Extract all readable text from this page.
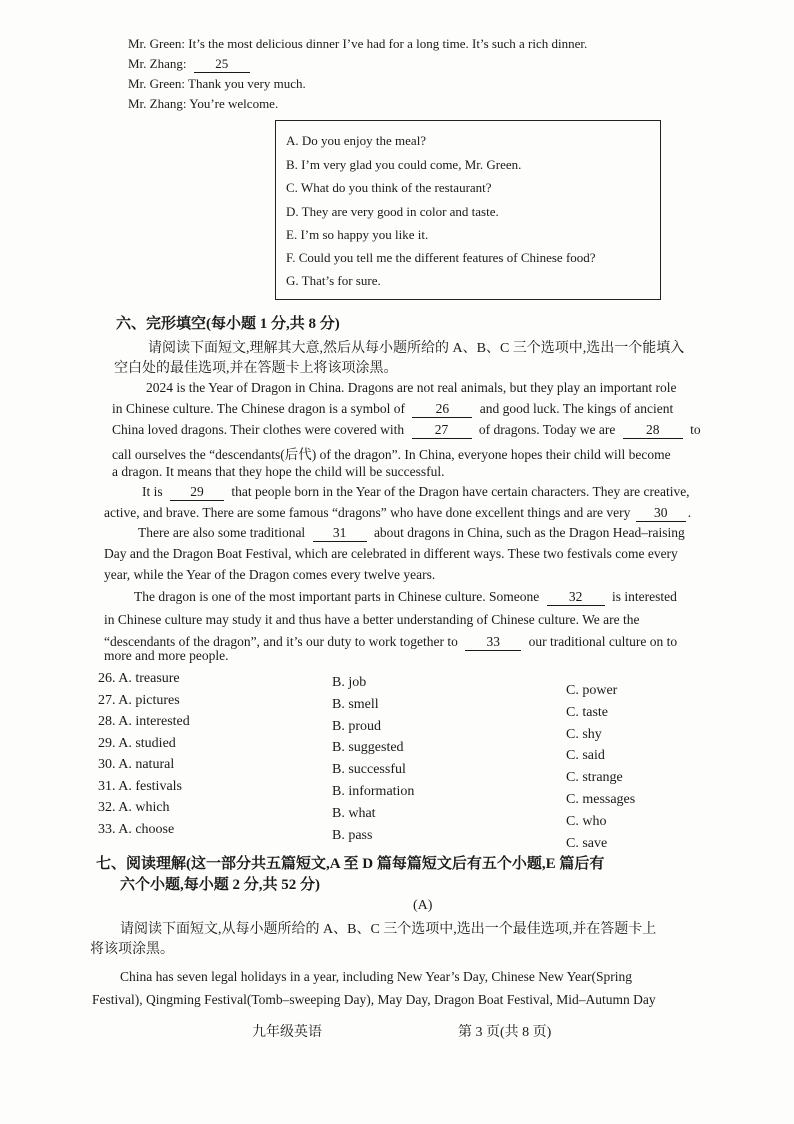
Mr. Green: It’s the most delicious dinner I’ve had for a long time. It’s such a rich dinner.
Mr. Zhang: 25
Mr. Green: Thank you very much.
Mr. Zhang: You’re welcome.
A. Do you enjoy the meal?
B. I’m very glad you could come, Mr. Green.
C. What do you think of the restaurant?
D. They are very good in color and taste.
E. I’m so happy you like it.
F. Could you tell me the different features of Chinese food?
G. That’s for sure.
六、完形填空(每小题 1 分,共 8 分)
请阅读下面短文,理解其大意,然后从每小题所给的 A、B、C 三个选项中,选出一个能填入
空白处的最佳选项,并在答题卡上将该项涂黑。
2024 is the Year of Dragon in China. Dragons are not real animals, but they play an important role
in Chinese culture. The Chinese dragon is a symbol of 26 and good luck. The kings of ancient
China loved dragons. Their clothes were covered with 27 of dragons. Today we are 28 to
call ourselves the “descendants(后代) of the dragon”. In China, everyone hopes their child will become
a dragon. It means that they hope the child will be successful.
It is 29 that people born in the Year of the Dragon have certain characters. They are creative,
active, and brave. There are some famous “dragons” who have done excellent things and are very 30 .
There are also some traditional 31 about dragons in China, such as the Dragon Head–raising
Day and the Dragon Boat Festival, which are celebrated in different ways. These two festivals come every
year, while the Year of the Dragon comes every twelve years.
The dragon is one of the most important parts in Chinese culture. Someone 32 is interested
in Chinese culture may study it and thus have a better understanding of Chinese culture. We are the
“descendants of the dragon”, and it’s our duty to work together to 33 our traditional culture on to
more and more people.
26. A. treasure
27. A. pictures
28. A. interested
29. A. studied
30. A. natural
31. A. festivals
32. A. which
33. A. choose
B. job
B. smell
B. proud
B. suggested
B. successful
B. information
B. what
B. pass
C. power
C. taste
C. shy
C. said
C. strange
C. messages
C. who
C. save
七、阅读理解(这一部分共五篇短文,A 至 D 篇每篇短文后有五个小题,E 篇后有
六个小题,每小题 2 分,共 52 分)
(A)
请阅读下面短文,从每小题所给的 A、B、C 三个选项中,选出一个最佳选项,并在答题卡上
将该项涂黑。
China has seven legal holidays in a year, including New Year’s Day, Chinese New Year(Spring
Festival), Qingming Festival(Tomb–sweeping Day), May Day, Dragon Boat Festival, Mid–Autumn Day
九年级英语	第 3 页(共 8 页)
